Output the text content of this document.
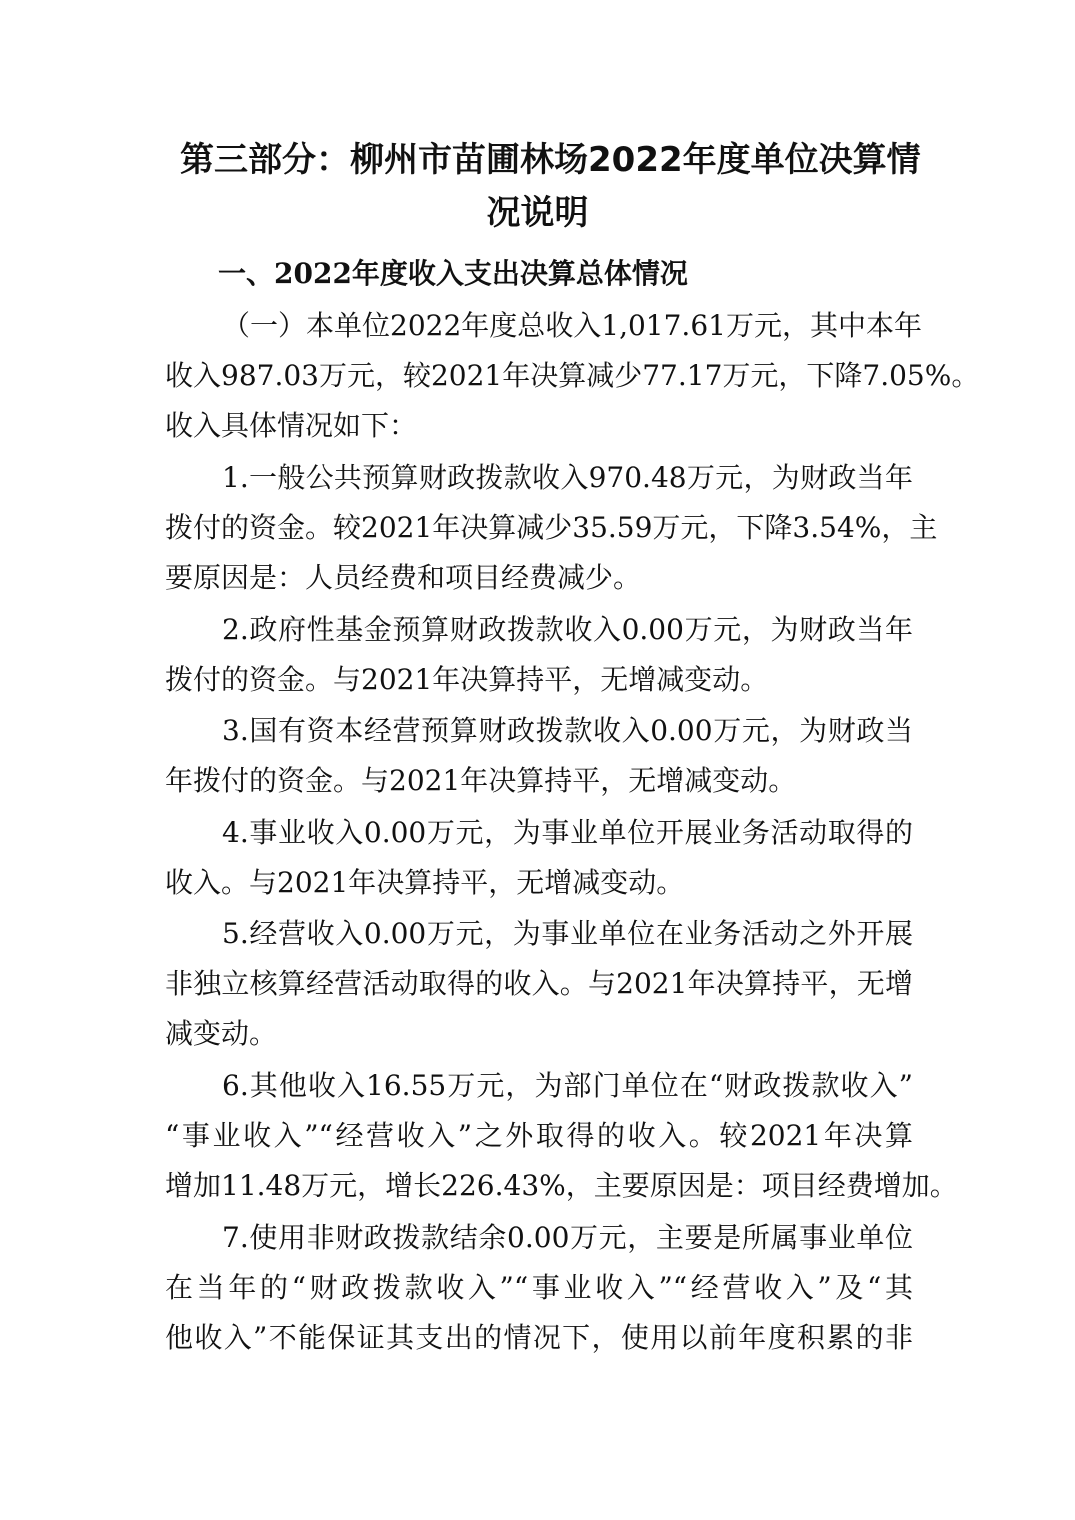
第三部分：柳州市苗圃林场2022年度单位决算情
况说明
一、2022年度收入支出决算总体情况
（一）本单位2022年度总收入1,017.61万元，其中本年
收入987.03万元，较2021年决算减少77.17万元，下降7.05%。
收入具体情况如下：
1.一般公共预算财政拨款收入970.48万元，为财政当年
拨付的资金。较2021年决算减少35.59万元，下降3.54%，主
要原因是：人员经费和项目经费减少。
2.政府性基金预算财政拨款收入0.00万元，为财政当年
拨付的资金。与2021年决算持平，无增减变动。
3.国有资本经营预算财政拨款收入0.00万元，为财政当
年拨付的资金。与2021年决算持平，无增减变动。
4.事业收入0.00万元，为事业单位开展业务活动取得的
收入。与2021年决算持平，无增减变动。
5.经营收入0.00万元，为事业单位在业务活动之外开展
非独立核算经营活动取得的收入。与2021年决算持平，无增
减变动。
6.其他收入16.55万元，为部门单位在“财政拨款收入”
“事业收入”“经营收入”之外取得的收入。较2021年决算
增加11.48万元，增长226.43%，主要原因是：项目经费增加。
7.使用非财政拨款结余0.00万元，主要是所属事业单位
在当年的“财政拨款收入”“事业收入”“经营收入”及“其
他收入”不能保证其支出的情况下，使用以前年度积累的非
